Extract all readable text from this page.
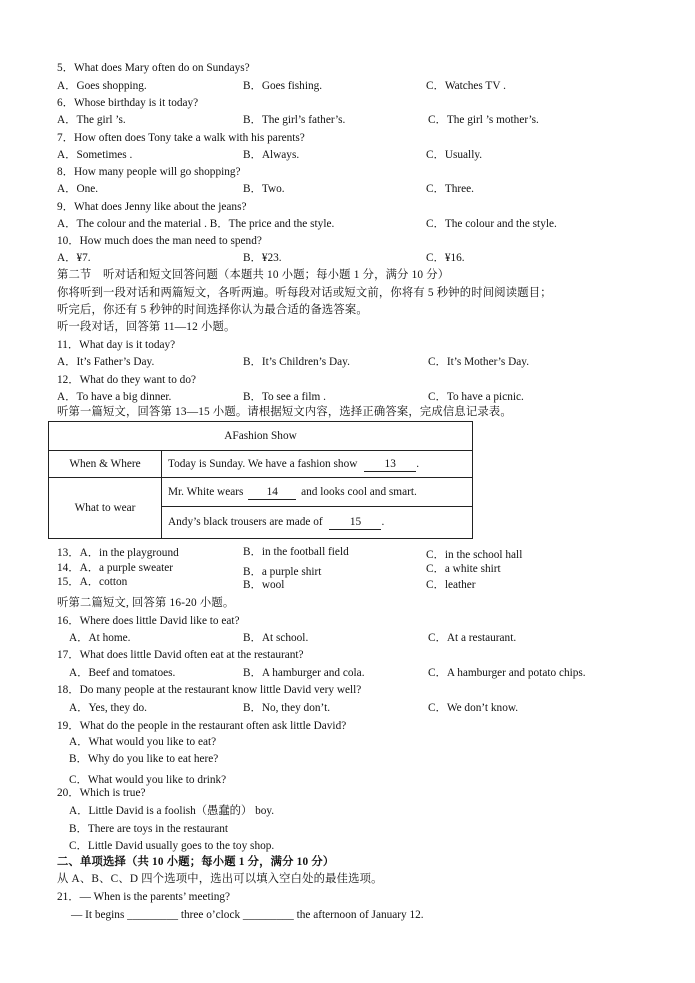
5．What does Mary often do on Sundays?
A．Goes shopping.	B．Goes fishing.	C．Watches TV .
6．Whose birthday is it today?
A．The girl ’s.	B．The girl’s father’s.	C．The girl ’s mother’s.
7．How often does Tony take a walk with his parents?
A．Sometimes .	B．Always.	C．Usually.
8．How many people will go shopping?
A．One.	B．Two.	C．Three.
9．What does Jenny like about the jeans?
A．The colour and the material . B．The price and the style.	C．The colour and the style.
10．How much does the man need to spend?
A．¥7.	B．¥23.	C．¥16.
第二节　听对话和短文回答问题（本题共 10 小题；每小题 1 分，满分 10 分）
你将听到一段对话和两篇短文，各听两遍。听每段对话或短文前，你将有 5 秒钟的时间阅读题目；
听完后，你还有 5 秒钟的时间选择你认为最合适的备选答案。
听一段对话，回答第 11—12 小题。
11．What day is it today?
A．It’s Father’s Day.	B．It’s Children’s Day.	C．It’s Mother’s Day.
12．What do they want to do?
A．To have a big dinner.	B．To see a film .	C．To have a picnic.
听第一篇短文，回答第 13—15 小题。请根据短文内容，选择正确答案，完成信息记录表。
AFashion Show	
When & Where	Today is Sunday. We have a fashion show 13 .
What to wear	Mr. White wears 14 and looks cool and smart.
	Andy’s black trousers are made of 15 .
13．A．in the playground	B．in the football field	C．in the school hall
14．A．a purple sweater	B．a purple shirt	C．a white shirt
15．A．cotton	B．wool	C．leather
听第二篇短文, 回答第 16-20 小题。
16．Where does little David like to eat?
A．At home.	B．At school.	C．At a restaurant.
17．What does little David often eat at the restaurant?
A．Beef and tomatoes.	B．A hamburger and cola.	C．A hamburger and potato chips.
18．Do many people at the restaurant know little David very well?
A．Yes, they do.	B．No, they don’t.	C．We don’t know.
19．What do the people in the restaurant often ask little David?
A．What would you like to eat?
B．Why do you like to eat here?
C．What would you like to drink?
20．Which is true?
A．Little David is a foolish（愚蠢的） boy.
B．There are toys in the restaurant
C．Little David usually goes to the toy shop.
二、单项选择（共 10 小题；每小题 1 分，满分 10 分）
从 A、B、C、D 四个选项中，选出可以填入空白处的最佳选项。
21．— When is the parents’ meeting?
— It begins _________ three o’clock _________ the afternoon of January 12.
